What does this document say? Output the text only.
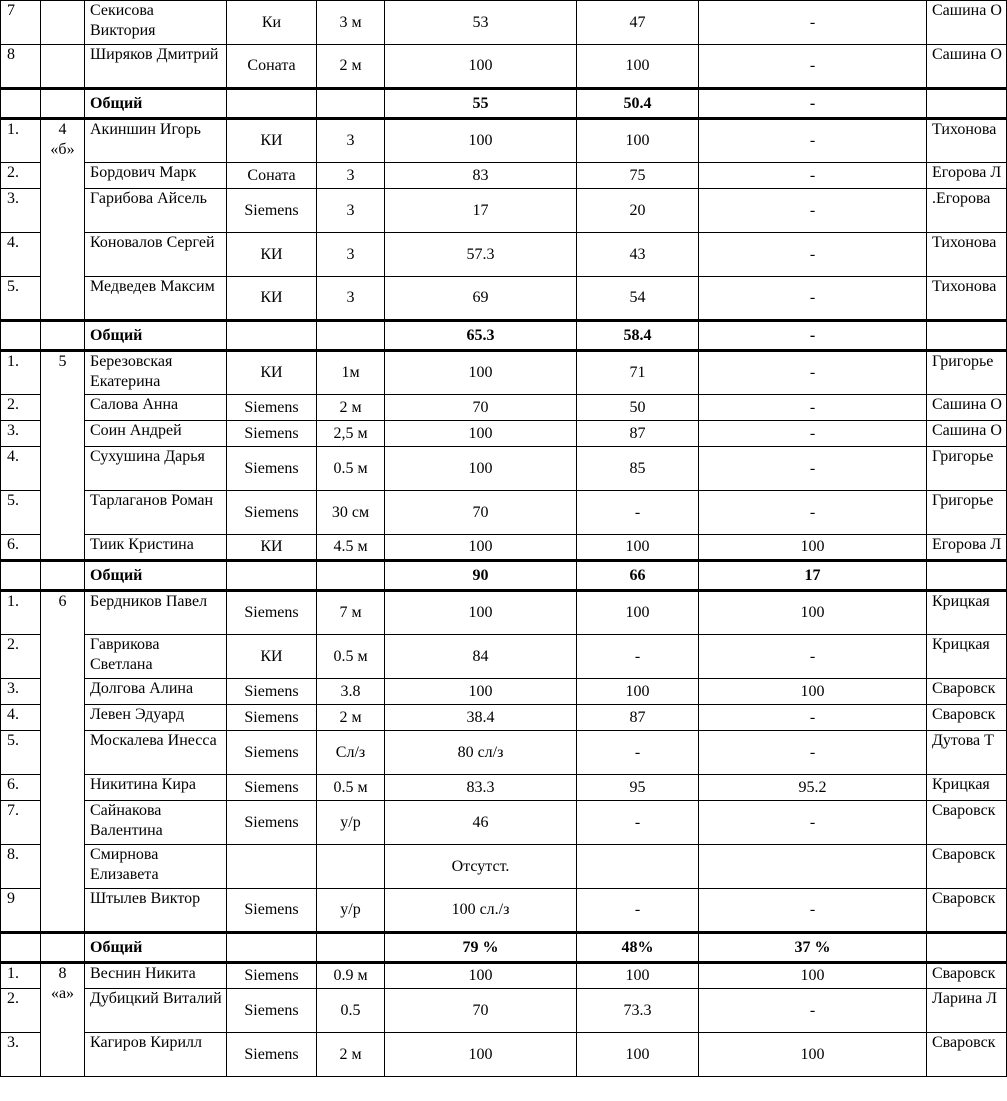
7		Секисова Виктория	Ки	3 м	53	47	-	Сашина О
8		Ширяков Дмитрий	Соната	2 м	100	100	-	Сашина О
		Общий			55	50.4	-	
1.	4 «б»	Акиншин Игорь	КИ	3	100	100	-	Тихонова
2.		Бордович Марк	Соната	3	83	75	-	Егорова Л
3.		Гарибова Айсель	Siemens	3	17	20	-	.Егорова
4.		Коновалов Сергей	КИ	3	57.3	43	-	Тихонова
5.		Медведев Максим	КИ	3	69	54	-	Тихонова
		Общий			65.3	58.4	-	
1.	5	Березовская Екатерина	КИ	1м	100	71	-	Григорье
2.		Салова Анна	Siemens	2 м	70	50	-	Сашина О
3.		Соин Андрей	Siemens	2,5 м	100	87	-	Сашина О
4.		Сухушина Дарья	Siemens	0.5 м	100	85	-	Григорье
5.		Тарлаганов Роман	Siemens	30 см	70	-	-	Григорье
6.		Тиик Кристина	КИ	4.5 м	100	100	100	Егорова Л
		Общий			90	66	17	
1.	6	Бердников Павел	Siemens	7 м	100	100	100	Крицкая
2.		Гаврикова Светлана	КИ	0.5 м	84	-	-	Крицкая
3.		Долгова Алина	Siemens	3.8	100	100	100	Сваровск
4.		Левен Эдуард	Siemens	2 м	38.4	87	-	Сваровск
5.		Москалева Инесса	Siemens	Сл/з	80 сл/з	-	-	Дутова Т
6.		Никитина Кира	Siemens	0.5 м	83.3	95	95.2	Крицкая
7.		Сайнакова Валентина	Siemens	у/р	46	-	-	Сваровск
8.		Смирнова Елизавета			Отсутст.			Сваровск
9		Штылев Виктор	Siemens	у/р	100 сл./з	-	-	Сваровск
		Общий			79 %	48%	37 %	
1.	8 «а»	Веснин Никита	Siemens	0.9 м	100	100	100	Сваровск
2.		Дубицкий Виталий	Siemens	0.5	70	73.3	-	Ларина Л
3.		Кагиров Кирилл	Siemens	2 м	100	100	100	Сваровск
